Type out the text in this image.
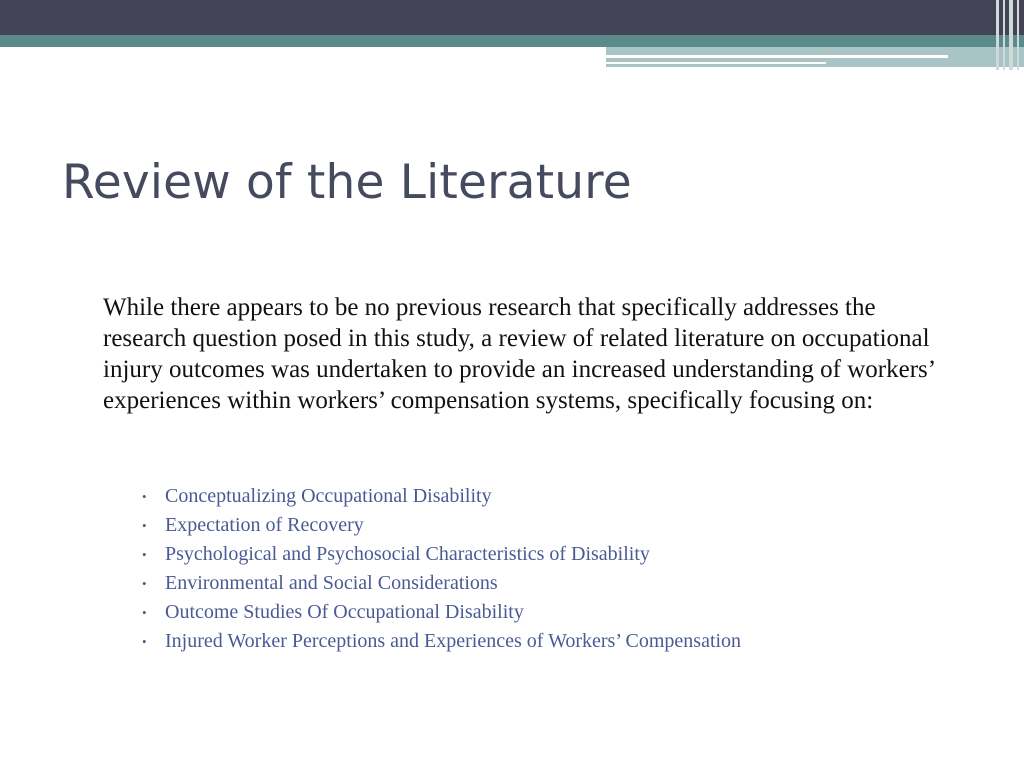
Review of the Literature

While there appears to be no previous research that specifically addresses the research question posed in this study, a review of related literature on occupational injury outcomes was undertaken to provide an increased understanding of workers’ experiences within workers’ compensation systems, specifically focusing on:

• Conceptualizing Occupational Disability
• Expectation of Recovery
• Psychological and Psychosocial Characteristics of Disability
• Environmental and Social Considerations
• Outcome Studies Of Occupational Disability
• Injured Worker Perceptions and Experiences of Workers’ Compensation
